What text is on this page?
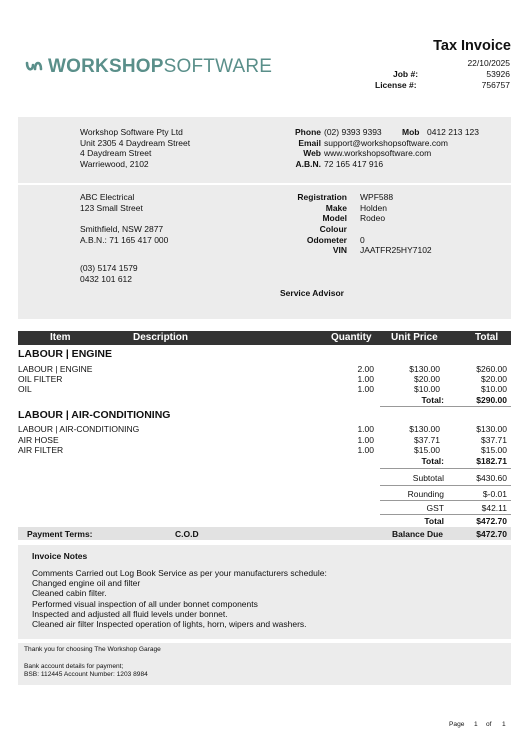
WORKSHOPSOFTWARE
Tax Invoice
22/10/2025
Job #:	53926
License #:	756757
Workshop Software Pty Ltd
Unit 2305 4 Daydream Street
4 Daydream Street
Warriewood, 2102
Phone (02) 9393 9393 Mob 0412 213 123
Email support@workshopsoftware.com
Web www.workshopsoftware.com
A.B.N. 72 165 417 916
ABC Electrical
123 Small Street
Smithfield, NSW 2877
A.B.N.: 71 165 417 000
(03) 5174 1579
0432 101 612
Registration WPF588
Make Holden
Model Rodeo
Colour
Odometer 0
VIN JAATFR25HY7102
Service Advisor
Item	Description	Quantity Unit Price	Total
LABOUR | ENGINE
LABOUR | ENGINE	2.00	$130.00	$260.00
OIL FILTER	1.00	$20.00	$20.00
OIL	1.00	$10.00	$10.00
Total:	$290.00
LABOUR | AIR-CONDITIONING
LABOUR | AIR-CONDITIONING	1.00	$130.00	$130.00
AIR HOSE	1.00	$37.71	$37.71
AIR FILTER	1.00	$15.00	$15.00
Total:	$182.71
Subtotal	$430.60
Rounding	$-0.01
GST	$42.11
Total	$472.70
Payment Terms:	C.O.D	Balance Due	$472.70
Invoice Notes
Comments Carried out Log Book Service as per your manufacturers schedule:
Changed engine oil and filter
Cleaned cabin filter.
Performed visual inspection of all under bonnet components
Inspected and adjusted all fluid levels under bonnet.
Cleaned air filter Inspected operation of lights, horn, wipers and washers.
Thank you for choosing The Workshop Garage
Bank account details for payment;
BSB: 112445 Account Number: 1203 8984
Page 1 of 1
